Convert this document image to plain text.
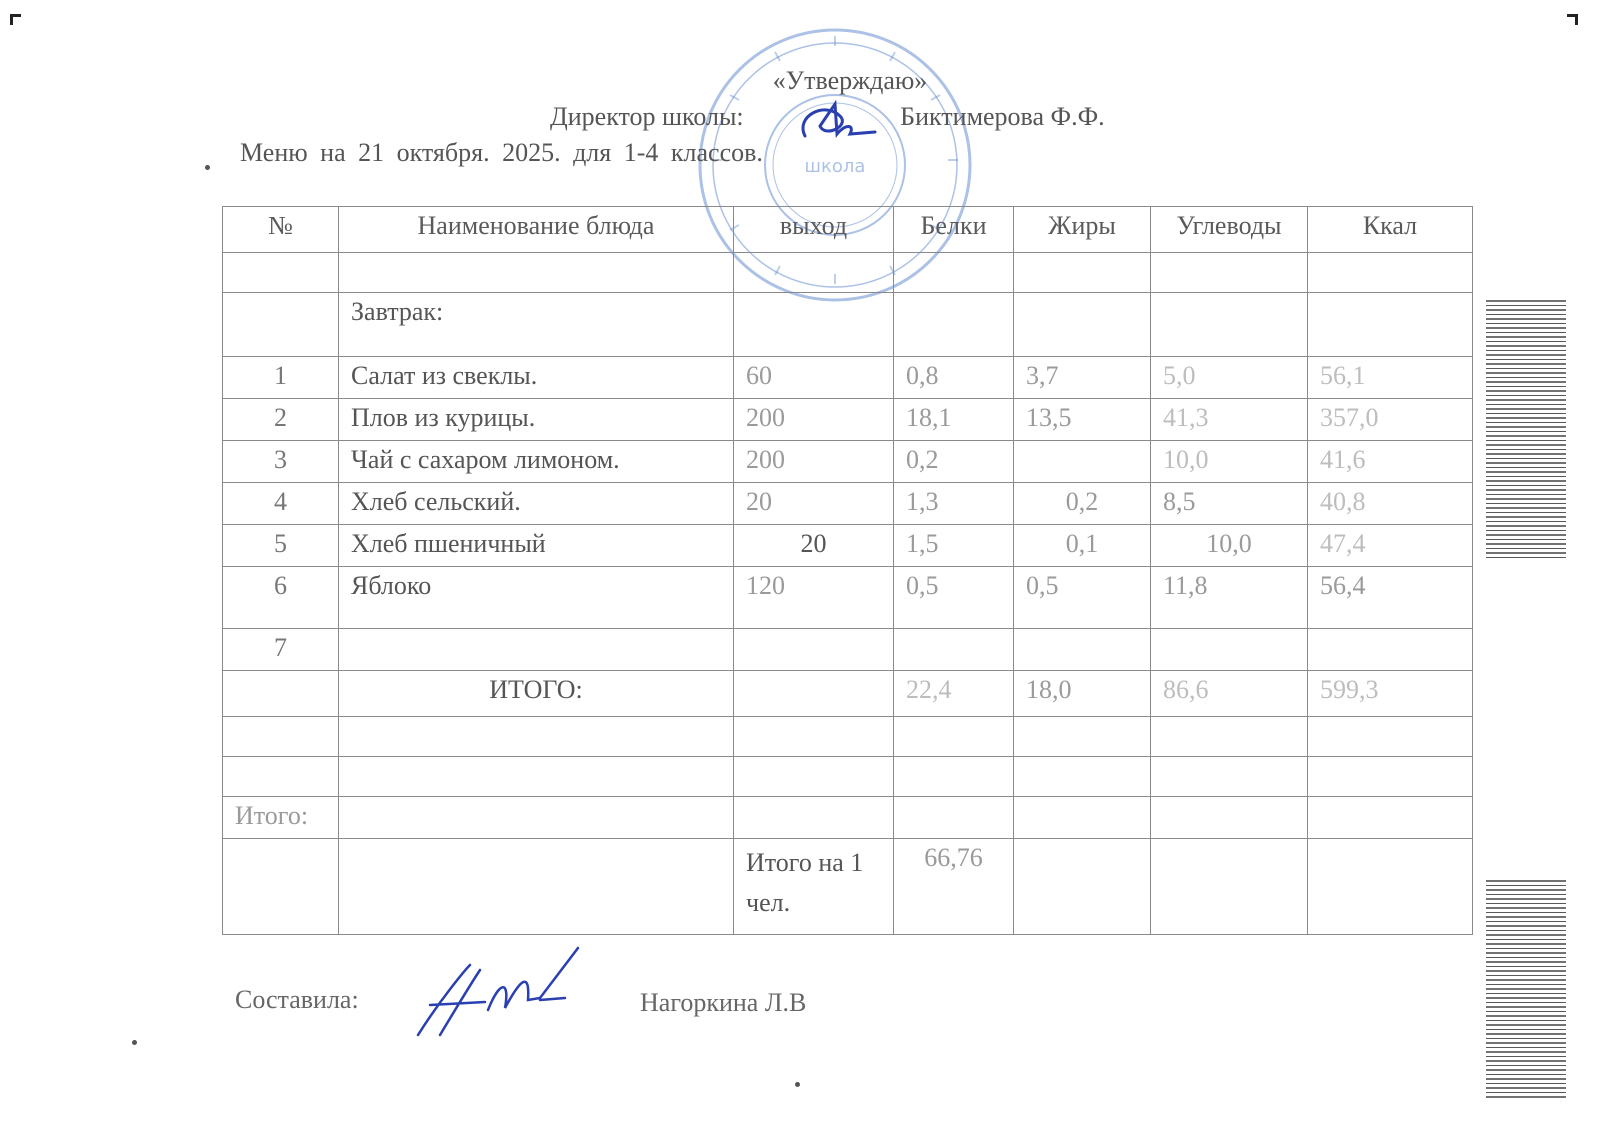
школа
«Утверждаю»
Директор школы:	Биктимерова Ф.Ф.
Меню на 21 октября. 2025. для 1-4 классов.
№	Наименование блюда	выход	Белки	Жиры	Углеводы	Ккал

	Завтрак:					
1	Салат из свеклы.	60	0,8	3,7	5,0	56,1
2	Плов из курицы.	200	18,1	13,5	41,3	357,0
3	Чай с сахаром лимоном.	200	0,2		10,0	41,6
4	Хлеб сельский.	20	1,3	0,2	8,5	40,8
5	Хлеб пшеничный	20	1,5	0,1	10,0	47,4
6	Яблоко	120	0,5	0,5	11,8	56,4
7						
	ИТОГО:		22,4	18,0	86,6	599,3

Итого:						
		Итого на 1 чел.	66,76			
Составила:	Нагоркина Л.В
